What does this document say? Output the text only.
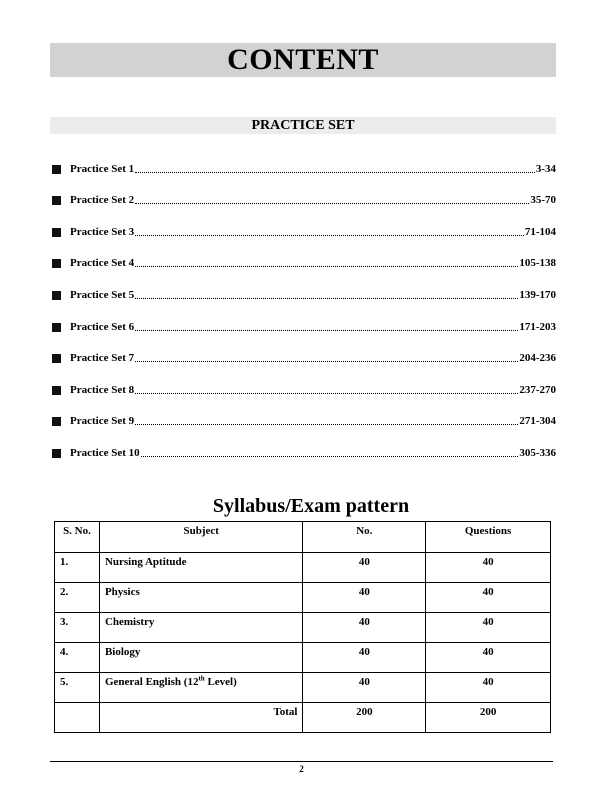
CONTENT
PRACTICE SET
Practice Set 1	3-34
Practice Set 2	35-70
Practice Set 3	71-104
Practice Set 4	105-138
Practice Set 5	139-170
Practice Set 6	171-203
Practice Set 7	204-236
Practice Set 8	237-270
Practice Set 9	271-304
Practice Set 10	305-336
Syllabus/Exam pattern
S. No.	Subject	No.	Questions
1.	Nursing Aptitude	40	40
2.	Physics	40	40
3.	Chemistry	40	40
4.	Biology	40	40
5.	General English (12th Level)	40	40
	Total	200	200
2
